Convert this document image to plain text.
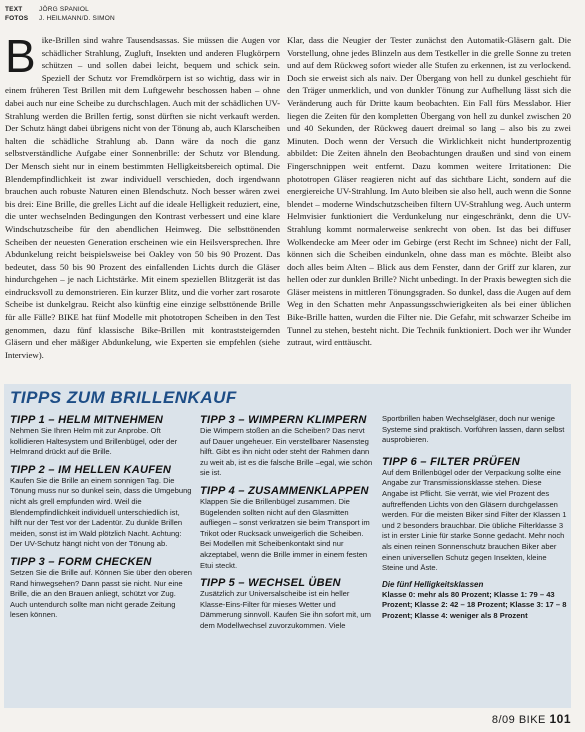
TEXT	JÖRG SPANIOL
FOTOS	J. HEILMANN/D. SIMON
B ike-Brillen sind wahre Tausendsassas. Sie müssen die Augen vor schädlicher Strahlung, Zugluft, Insekten und anderen Flugkörpern schützen – und sollen dabei leicht, bequem und schick sein. Speziell der Schutz vor Fremdkörpern ist so wichtig, dass wir in einem früheren Test Brillen mit dem Luftgewehr beschossen haben – ohne dabei auch nur eine Scheibe zu durchschlagen. Auch mit der schädlichen UV-Strahlung werden die Brillen fertig, sonst dürften sie nicht verkauft werden. Der Schutz hängt dabei übrigens nicht von der Tönung ab, auch Klarscheiben halten die schädliche Strahlung ab. Dann wäre da noch die ganz selbstverständliche Aufgabe einer Sonnenbrille: der Schutz vor Blendung. Der Mensch sieht nur in einem bestimmten Helligkeitsbereich optimal. Die Blendempfindlichkeit ist zwar individuell verschieden, doch irgendwann brauchen auch robuste Naturen einen Blendschutz. Noch besser wären zwei bis drei: Eine Brille, die grelles Licht auf die ideale Helligkeit reduziert, eine, die unter wechselnden Bedingungen den Kontrast verbessert und eine klare Windschutzscheibe für den abendlichen Heimweg. Die selbsttönenden Scheiben der neuesten Generation erscheinen wie ein Heilsversprechen. Ihre Abdunkelung reicht beispielsweise bei Oakley von 50 bis 90 Prozent. Das bedeutet, dass 50 bis 90 Prozent des einfallenden Lichts durch die Gläser hindurchgehen – je nach Lichtstärke. Mit einem speziellen Blitzgerät ist das eindrucksvoll zu demonstrieren. Ein kurzer Blitz, und die vorher zart rosarote Scheibe ist dunkelgrau. Reicht also künftig eine einzige selbsttönende Brille für alle Fälle? BIKE hat fünf Modelle mit phototropen Scheiben in den Test genommen, dazu fünf klassische Bike-Brillen mit kontraststeigernden Gläsern und eher mäßiger Abdunkelung, wie Experten sie empfehlen (siehe Interview).

Klar, dass die Neugier der Tester zunächst den Automatik-Gläsern galt. Die Vorstellung, ohne jedes Blinzeln aus dem Testkeller in die grelle Sonne zu treten und auf dem Rückweg sofort wieder alle Stufen zu erkennen, ist zu verlockend. Doch sie erweist sich als naiv. Der Übergang von hell zu dunkel geschieht für den Träger unmerklich, und von dunkler Tönung zur Aufhellung lässt sich die Veränderung auch für Dritte kaum beobachten. Ein Fall fürs Messlabor. Hier liegen die Zeiten für den kompletten Übergang von hell zu dunkel zwischen 20 und 40 Sekunden, der Rückweg dauert dreimal so lang – also bis zu zwei Minuten. Doch wenn der Versuch die Wirklichkeit nicht hundertprozentig abbildet: Die Zeiten ähneln den Beobachtungen draußen und sind von einem Fingerschnippen weit entfernt. Dazu kommen weitere Irritationen: Die phototropen Gläser reagieren nicht auf das sichtbare Licht, sondern auf die energiereiche UV-Strahlung. Im Auto bleiben sie also hell, auch wenn die Sonne blendet – moderne Windschutzscheiben filtern UV-Strahlung weg. Auch unterm Helmvisier funktioniert die Verdunkelung nur eingeschränkt, denn die UV-Strahlung kommt normalerweise senkrecht von oben. Ist das bei diffuser Wolkendecke am Meer oder im Gebirge (erst Recht im Schnee) nicht der Fall, können sich die Scheiben eindunkeln, ohne dass man es möchte. Bleibt also doch alles beim Alten – Blick aus dem Fenster, dann der Griff zur klaren, zur hellen oder zur dunklen Brille? Nicht unbedingt. In der Praxis bewegten sich die Gläser meistens in mittleren Tönungsgraden. So dunkel, dass die Augen auf dem Weg in den Schatten mehr Anpassungsschwierigkeiten als bei einer üblichen Bike-Brille hatten, wurden die Filter nie. Die Gefahr, mit schwarzer Scheibe im Tunnel zu stehen, besteht nicht. Die Technik funktioniert. Doch wer ihr Wunder zutraut, wird enttäuscht.

TIPPS ZUM BRILLENKAUF
TIPP 1 – HELM MITNEHMEN

Nehmen Sie Ihren Helm mit zur Anprobe. Oft kollidieren Haltesystem und Brillenbügel, oder der Helmrand drückt auf die Brille.

TIPP 2 – IM HELLEN KAUFEN

Kaufen Sie die Brille an einem sonnigen Tag. Die Tönung muss nur so dunkel sein, dass die Umgebung nicht als grell empfunden wird. Weil die Blendempfindlichkeit individuell unterschiedlich ist, hilft nur der Test vor der Ladentür. Zu dunkle Brillen meiden, sonst ist im Wald plötzlich Nacht. Achtung: Der UV-Schutz hängt nicht von der Tönung ab.

TIPP 3 – FORM CHECKEN

Setzen Sie die Brille auf. Können Sie über den oberen Rand hinwegsehen? Dann passt sie nicht. Nur eine Brille, die an den Brauen anliegt, schützt vor Zug. Auch untendurch sollte man nicht gerade Zeitung lesen können.

TIPP 3 – WIMPERN KLIMPERN

Die Wimpern stoßen an die Scheiben? Das nervt auf Dauer ungeheuer. Ein verstellbarer Nasensteg hilft. Gibt es ihn nicht oder steht der Rahmen dann zu weit ab, ist es die falsche Brille –egal, wie schön sie ist.

TIPP 4 – ZUSAMMENKLAPPEN

Klappen Sie die Brillenbügel zusammen. Die Bügelenden sollten nicht auf den Glasmitten aufliegen – sonst verkratzen sie beim Transport im Trikot oder Rucksack unweigerlich die Scheiben. Bei Modellen mit Scheibenkontakt sind nur akzeptabel, wenn die Brille immer in einem festen Etui steckt.

TIPP 5 – WECHSEL ÜBEN

Zusätzlich zur Universalscheibe ist ein heller Klasse-Eins-Filter für mieses Wetter und Dämmerung sinnvoll. Kaufen Sie ihn sofort mit, um dem Modellwechsel zuvorzukommen. Viele

Sportbrillen haben Wechselgläser, doch nur wenige Systeme sind praktisch. Vorführen lassen, dann selbst ausprobieren.

TIPP 6 – FILTER PRÜFEN

Auf dem Brillenbügel oder der Verpackung sollte eine Angabe zur Transmissionsklasse stehen. Diese Angabe ist Pflicht. Sie verrät, wie viel Prozent des auftreffenden Lichts von den Gläsern durchgelassen werden. Für die meisten Biker sind Filter der Klassen 1 und 2 besonders brauchbar. Die übliche Filterklasse 3 ist in erster Linie für starke Sonne gedacht. Mehr noch als einen reinen Sonnenschutz brauchen Biker aber einen universellen Schutz gegen Insekten, kleine Steine und Äste.

Die fünf Helligkeitsklassen

Klasse 0: mehr als 80 Prozent; Klasse 1: 79 – 43 Prozent; Klasse 2: 42 – 18 Prozent; Klasse 3: 17 – 8 Prozent; Klasse 4: weniger als 8 Prozent

8/09 BIKE 101
